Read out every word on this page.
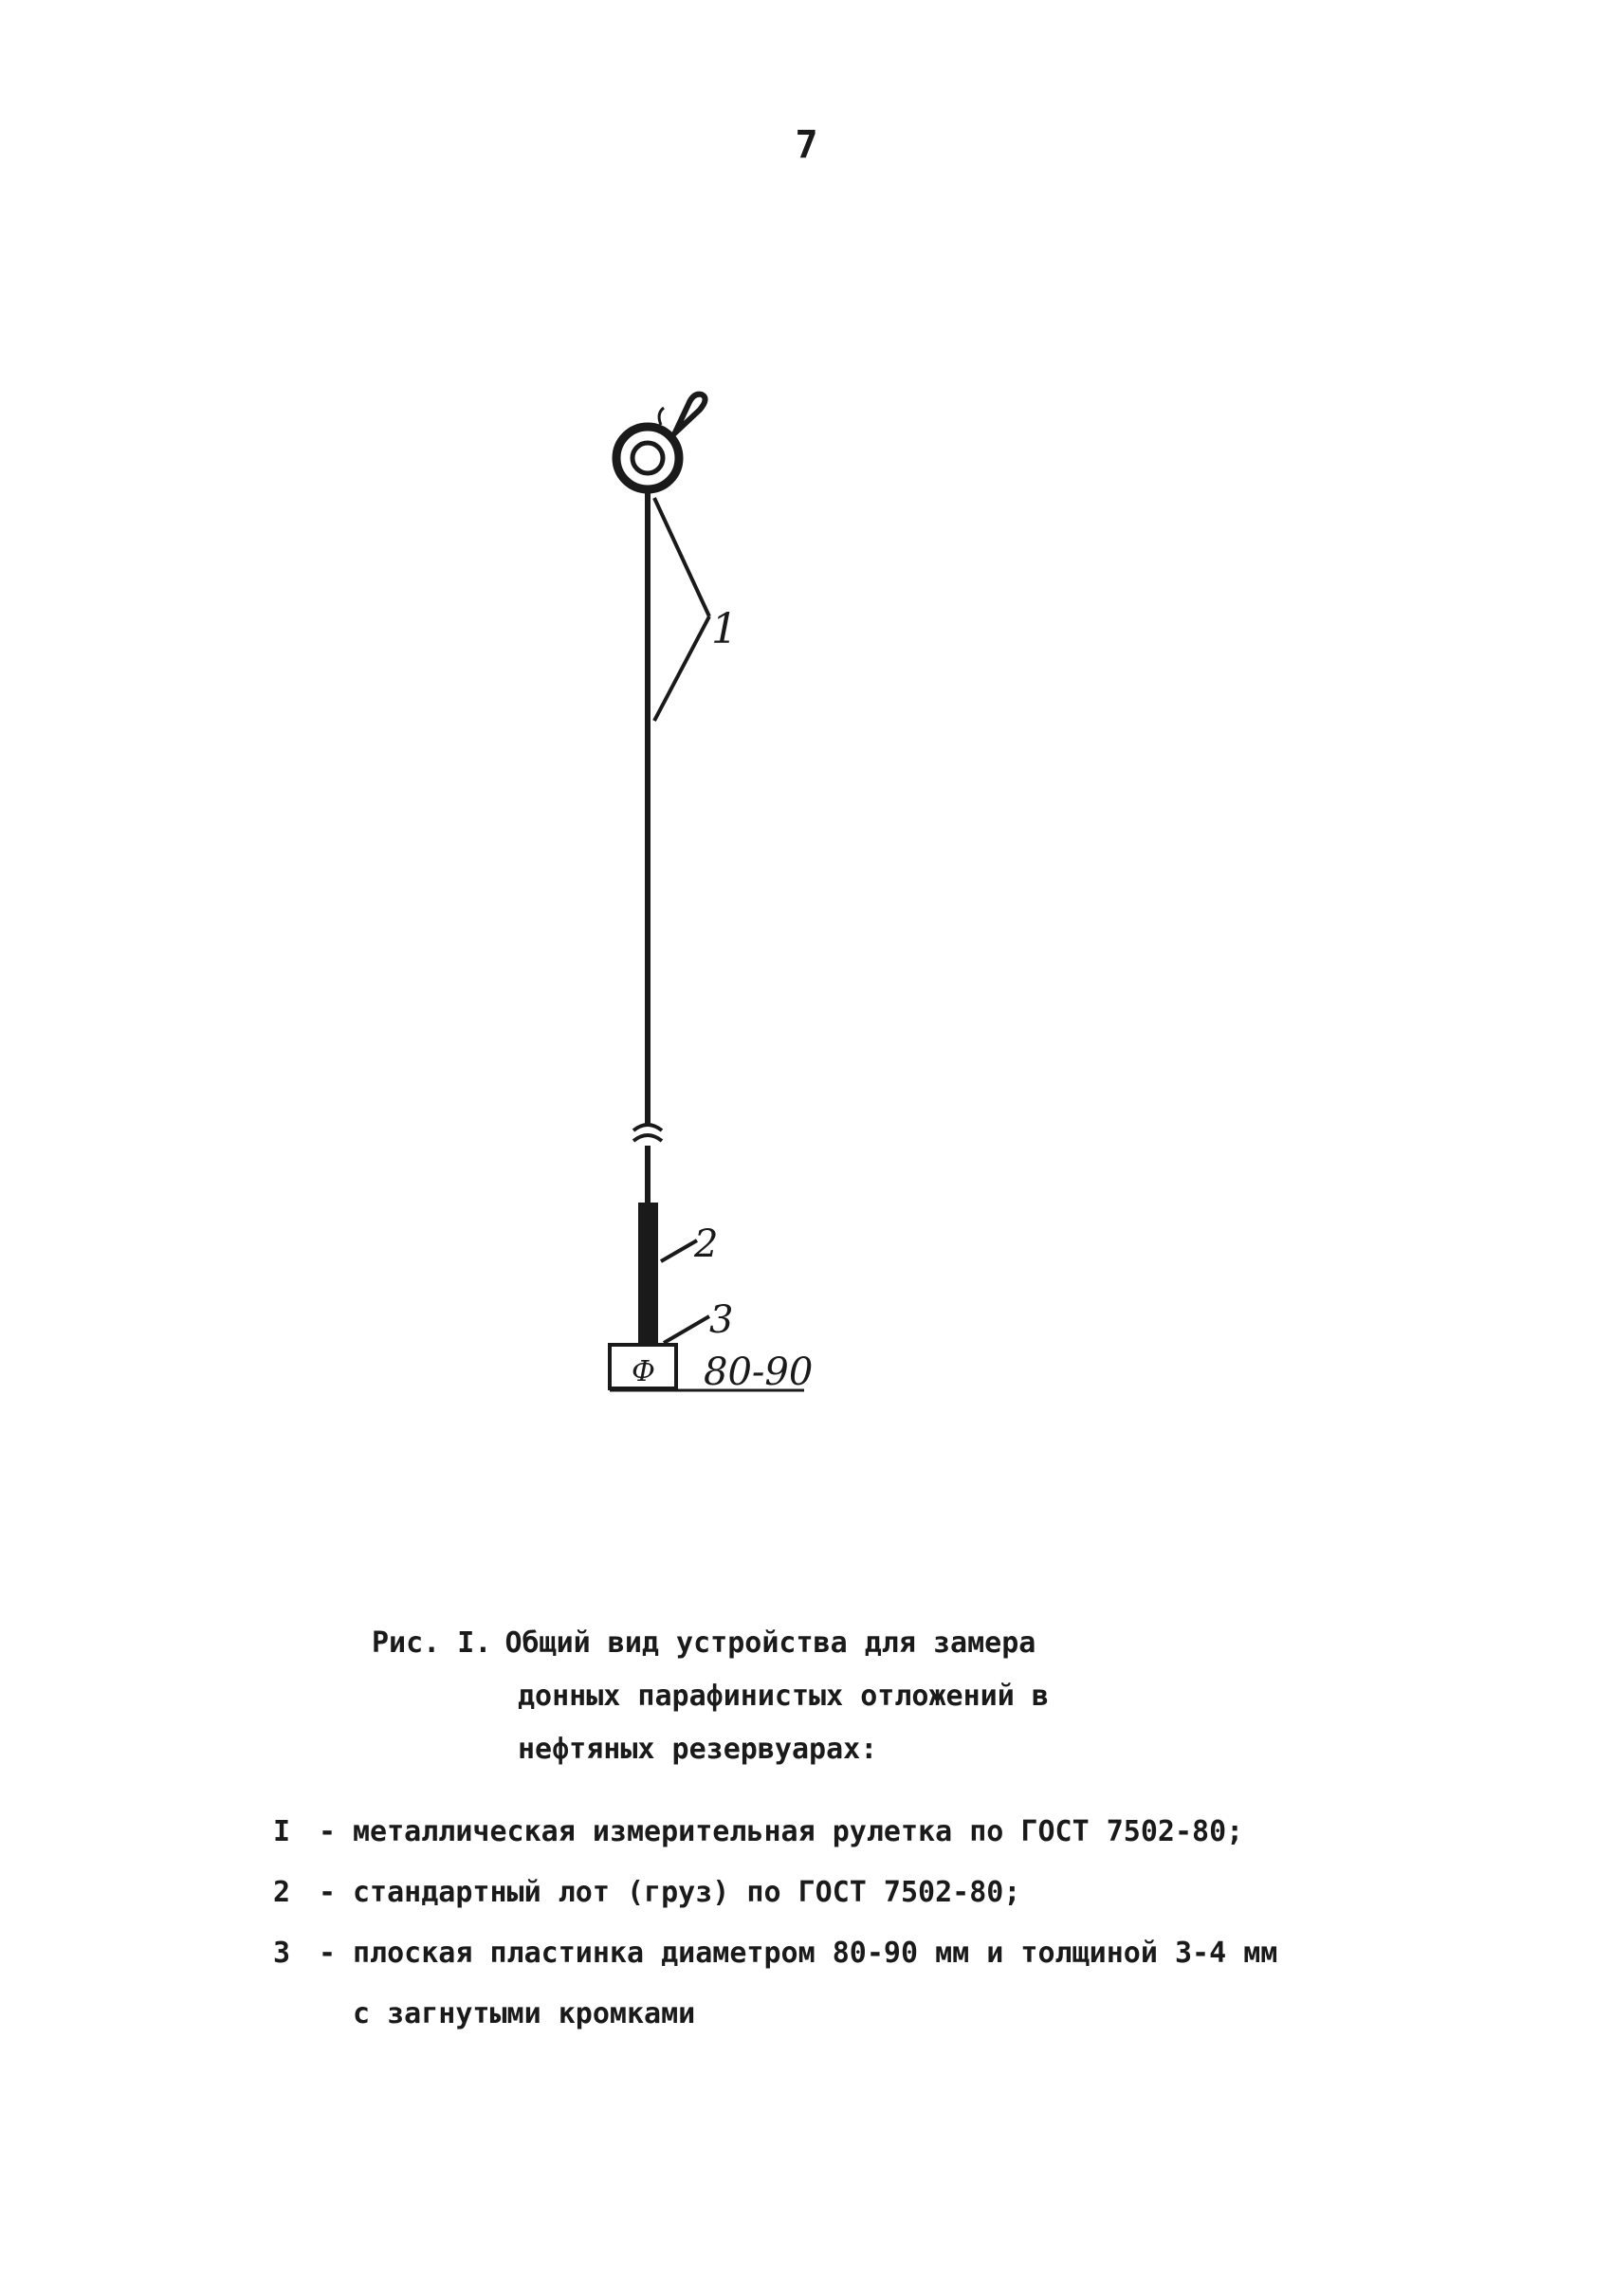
7
1
2
3
Ф 80-90
Рис. I. Общий вид устройства для замера
донных парафинистых отложений в
нефтяных резервуарах:
I - металлическая измерительная рулетка по ГОСТ 7502-80;
2 - стандартный лот (груз) по ГОСТ 7502-80;
3 - плоская пластинка диаметром 80-90 мм и толщиной 3-4 мм
с загнутыми кромками
